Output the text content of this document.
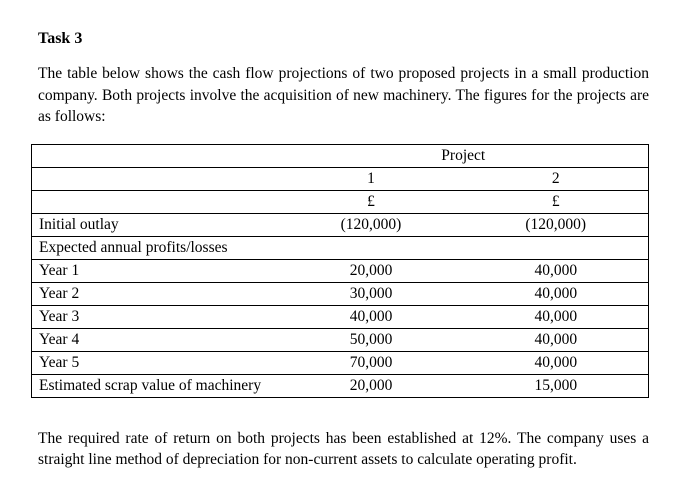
Task 3

The table below shows the cash flow projections of two proposed projects in a small production company. Both projects involve the acquisition of new machinery. The figures for the projects are as follows:

	Project	
	1	2
	£	£
Initial outlay	(120,000)	(120,000)
Expected annual profits/losses		
Year 1	20,000	40,000
Year 2	30,000	40,000
Year 3	40,000	40,000
Year 4	50,000	40,000
Year 5	70,000	40,000
Estimated scrap value of machinery	20,000	15,000

The required rate of return on both projects has been established at 12%. The company uses a straight line method of depreciation for non-current assets to calculate operating profit.
